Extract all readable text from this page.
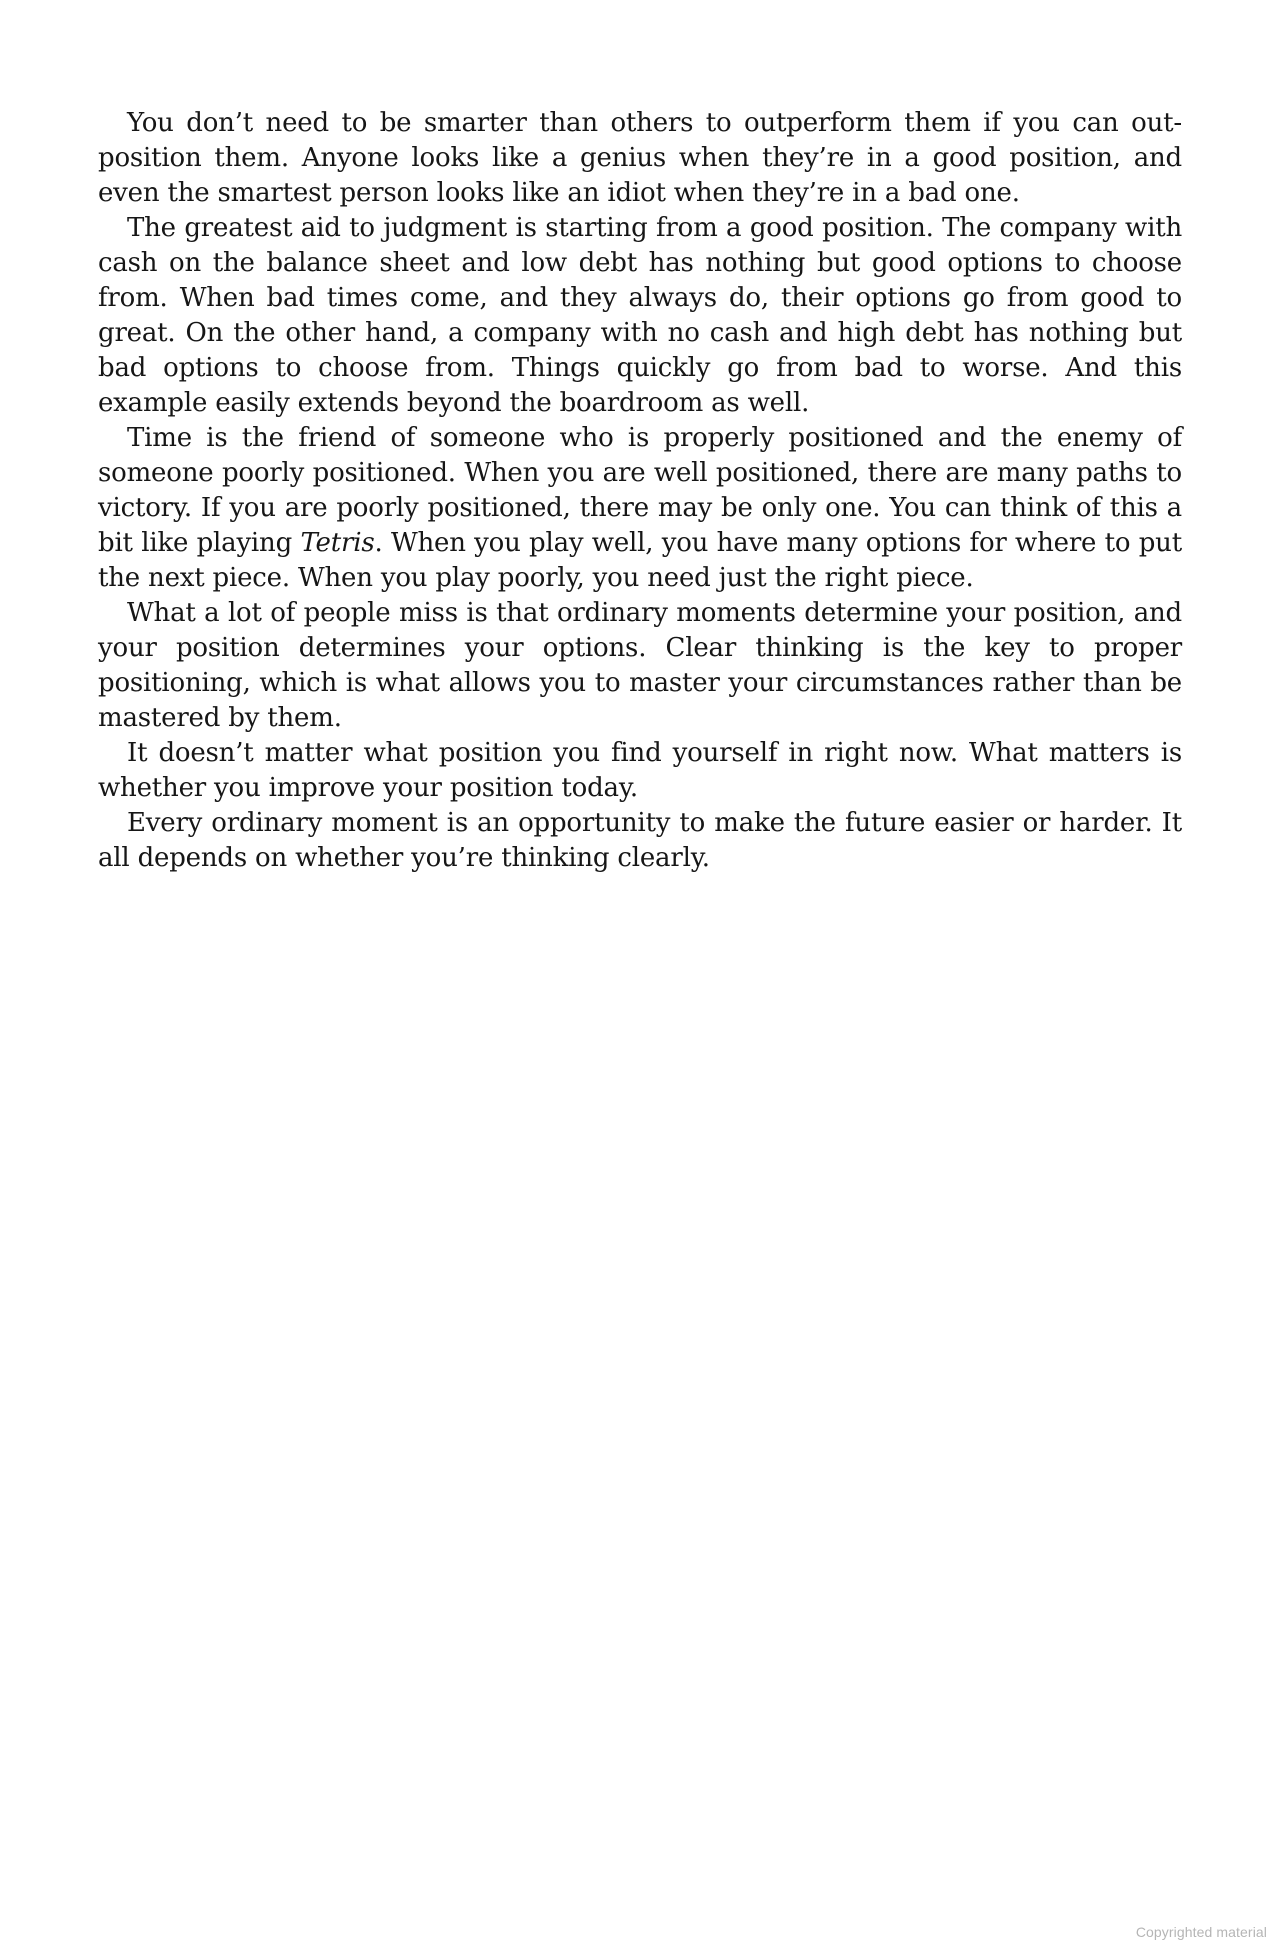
You don’t need to be smarter than others to outperform them if you can out-position them. Anyone looks like a genius when they’re in a good position, and even the smartest person looks like an idiot when they’re in a bad one.

The greatest aid to judgment is starting from a good position. The company with cash on the balance sheet and low debt has nothing but good options to choose from. When bad times come, and they always do, their options go from good to great. On the other hand, a company with no cash and high debt has nothing but bad options to choose from. Things quickly go from bad to worse. And this example easily extends beyond the boardroom as well.

Time is the friend of someone who is properly positioned and the enemy of someone poorly positioned. When you are well positioned, there are many paths to victory. If you are poorly positioned, there may be only one. You can think of this a bit like playing Tetris. When you play well, you have many options for where to put the next piece. When you play poorly, you need just the right piece.

What a lot of people miss is that ordinary moments determine your position, and your position determines your options. Clear thinking is the key to proper positioning, which is what allows you to master your circumstances rather than be mastered by them.

It doesn’t matter what position you find yourself in right now. What matters is whether you improve your position today.

Every ordinary moment is an opportunity to make the future easier or harder. It all depends on whether you’re thinking clearly.

Copyrighted material
